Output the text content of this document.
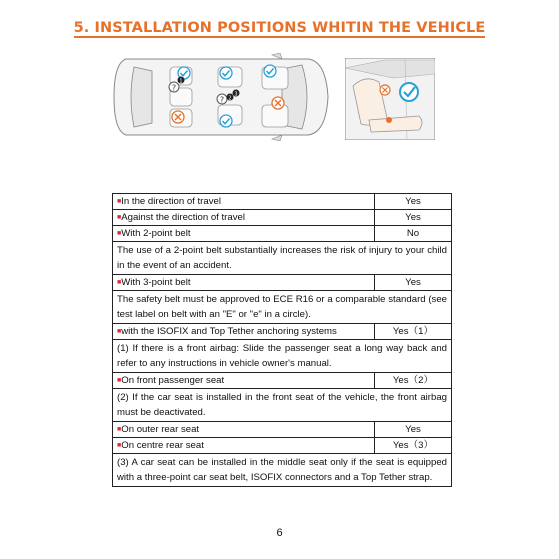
5. INSTALLATION POSITIONS WHITIN THE VEHICLE
?
?
1
2
3
■In the direction of travel	Yes
■Against the direction of travel	Yes
■With 2-point belt	No
The use of a 2-point belt substantially increases the risk of injury to your child in the event of an accident.	
■With 3-point belt	Yes
The safety belt must be approved to ECE R16 or a comparable standard (see test label on belt with an "E" or "e" in a circle).	
■with the ISOFIX and Top Tether anchoring systems	Yes（1）
(1) If there is a front airbag: Slide the passenger seat a long way back and refer to any instructions in vehicle owner's manual.	
■On front passenger seat	Yes（2）
(2) If the car seat is installed in the front seat of the vehicle, the front airbag must be deactivated.	
■On outer rear seat	Yes
■On centre rear seat	Yes（3）
(3) A car seat can be installed in the middle seat only if the seat is equipped with a three-point car seat belt, ISOFIX connectors and a Top Tether strap.	
6
